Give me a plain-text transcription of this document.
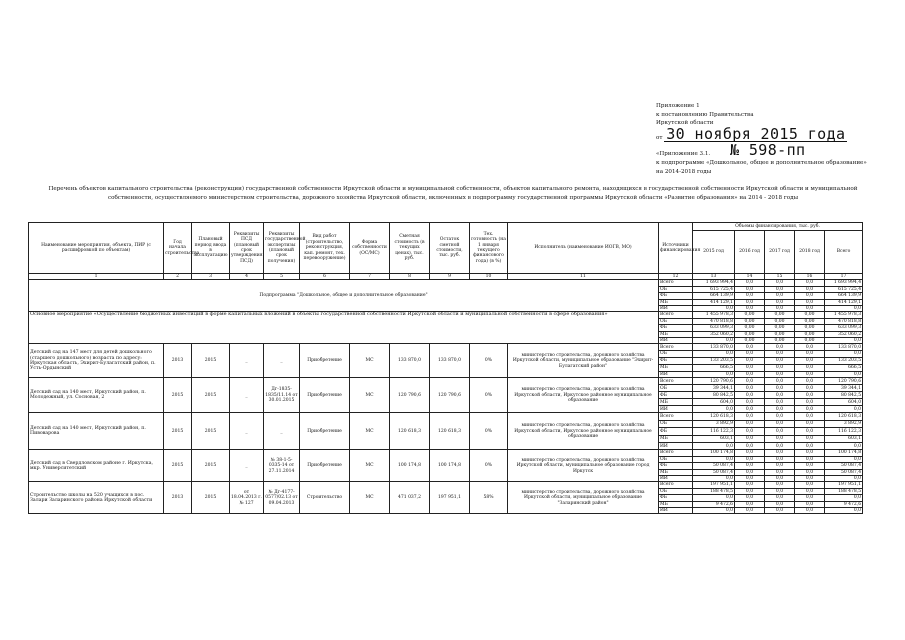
Приложение 1
к постановлению Правительства
Иркутской области
от 30 ноября 2015 года
«Приложение 3.1. № 598-пп
к подпрограмме «Дошкольное, общее и дополнительное образование»
на 2014-2018 годы
Перечень объектов капитального строительства (реконструкции) государственной собственности Иркутской области и муниципальной собственности, объектов капитального ремонта, находящихся в государственной собственности Иркутской области и муниципальной собственности, осуществляемого министерством строительства, дорожного хозяйства Иркутской области, включенных в подпрограмму государственной программы Иркутской области «Развитие образования» на 2014 - 2018 годы
Наименование мероприятия, объекта, ПИР (с расшифровкой по объектам)	Год начала строительства	Плановый период ввода в эксплуатацию	Реквизиты ПСД (плановый срок утверждения ПСД)	Реквизиты государственной экспертизы (плановый срок получения)	Вид работ (строительство, реконструкция, кап. ремонт, тех. перевооружение)	Форма собственности (ОС/МС)	Сметная стоимость (в текущих ценах), тыс. руб.	Остаток сметной стоимости, тыс. руб.	Тех. готовность (на 1 января текущего финансового года) (в %)	Исполнитель (наименование ИОГВ, МО)	Источники финансирования	Объемы финансирования, тыс. руб.				
												2015 год	2016 год	2017 год	2018 год	Всего
1	2	3	4	5	6	7	8	9	10	11	12	13	14	15	16	17
Подпрограмма "Дошкольное, общее и дополнительное образование"											Всего	1 693 994,4	0,0	0,0	0,0	1 693 994,4
											ОБ	615 725,4	0,0	0,0	0,0	615 725,4
											ФБ	664 139,9	0,0	0,0	0,0	664 139,9
											МБ	414 129,1	0,0	0,0	0,0	414 129,1
											ИИ	0,0	0,0	0,0	0,0	0,0
Основное мероприятие «Осуществление бюджетных инвестиций в форме капитальных вложений в объекты государственной собственности Иркутской области и муниципальной собственности в сфере образования»											Всего	1 455 978,3	0,00	0,00	0,00	1 455 978,3
											ОБ	470 818,8	0,00	0,00	0,00	470 818,8
											ФБ	633 099,3	0,00	0,00	0,00	633 099,3
											МБ	352 060,2	0,00	0,00	0,00	352 060,2
											ИИ	0,0	0,00	0,00	0,00	0,0
Детский сад на 147 мест для детей дошкольного (старшего дошкольного) возраста по адресу: Иркутская область, Эхирит-Булагатский район, п. Усть-Ордынский	2013	2015	_	_	Приобретение	МС	133 870,0	133 870,0	0%	министерство строительства, дорожного хозяйства Иркутской области, муниципальное образование "Эхирит-Булагатский район"	Всего	133 870,0	0,0	0,0	0,0	133 870,0
											ОБ	0,0	0,0	0,0	0,0	0,0
											ФБ	133 203,5	0,0	0,0	0,0	133 203,5
											МБ	666,5	0,0	0,0	0,0	666,5
											ИИ	0,0	0,0	0,0	0,0	0,0
Детский сад на 140 мест, Иркутский район, п. Молодежный, ул. Сосновая, 2	2015	2015	_	Дг-1835-1835/11.14 от 30.01.2015	Приобретение	МС	120 790,6	120 790,6	0%	министерство строительства, дорожного хозяйства Иркутской области, Иркутское районное муниципальное образование	Всего	120 790,6	0,0	0,0	0,0	120 790,6
											ОБ	39 344,1	0,0	0,0	0,0	39 344,1
											ФБ	80 842,5	0,0	0,0	0,0	80 842,5
											МБ	604,0	0,0	0,0	0,0	604,0
											ИИ	0,0	0,0	0,0	0,0	0,0
Детский сад на 140 мест, Иркутский район, п. Пивоварова	2015	2015	_	_	Приобретение	МС	120 618,3	120 618,3	0%	министерство строительства, дорожного хозяйства Иркутской области, Иркутское районное муниципальное образование	Всего	120 618,3	0,0	0,0	0,0	120 618,3
											ОБ	3 892,9	0,0	0,0	0,0	3 892,9
											ФБ	116 122,3	0,0	0,0	0,0	116 122,3
											МБ	603,1	0,0	0,0	0,0	603,1
											ИИ	0,0	0,0	0,0	0,0	0,0
Детский сад в Свердловском районе г. Иркутска, мкр. Университетский	2015	2015	_	№ 38-1-5-0335-14 от 27.11.2014	Приобретение	МС	100 174,8	100 174,8	0%	министерство строительства, дорожного хозяйства Иркутской области, муниципальное образование город Иркутск	Всего	100 174,8	0,0	0,0	0,0	100 174,8
											ОБ	0,0	0,0	0,0	0,0	0,0
											ФБ	50 087,4	0,0	0,0	0,0	50 087,4
											МБ	50 087,4	0,0	0,0	0,0	50 087,4
											ИИ	0,0	0,0	0,0	0,0	0,0
Строительство школы на 520 учащихся в пос. Залари Заларинского района Иркутской области	2013	2015	от 18.04.2013 г. № 127	№ Дг-4177-0577/02.13 от 09.04.2013	Строительство	МС	471 037,2	197 951,1	58%	министерство строительства, дорожного хозяйства Иркутской области, муниципальное образование "Заларинский район"	Всего	197 951,1	0,0	0,0	0,0	197 951,1
											ОБ	188 478,5	0,0	0,0	0,0	188 478,5
											ФБ	0,0	0,0	0,0	0,0	0,0
											МБ	9 472,6	0,0	0,0	0,0	9 472,6
											ИИ	0,0	0,0	0,0	0,0	0,0
